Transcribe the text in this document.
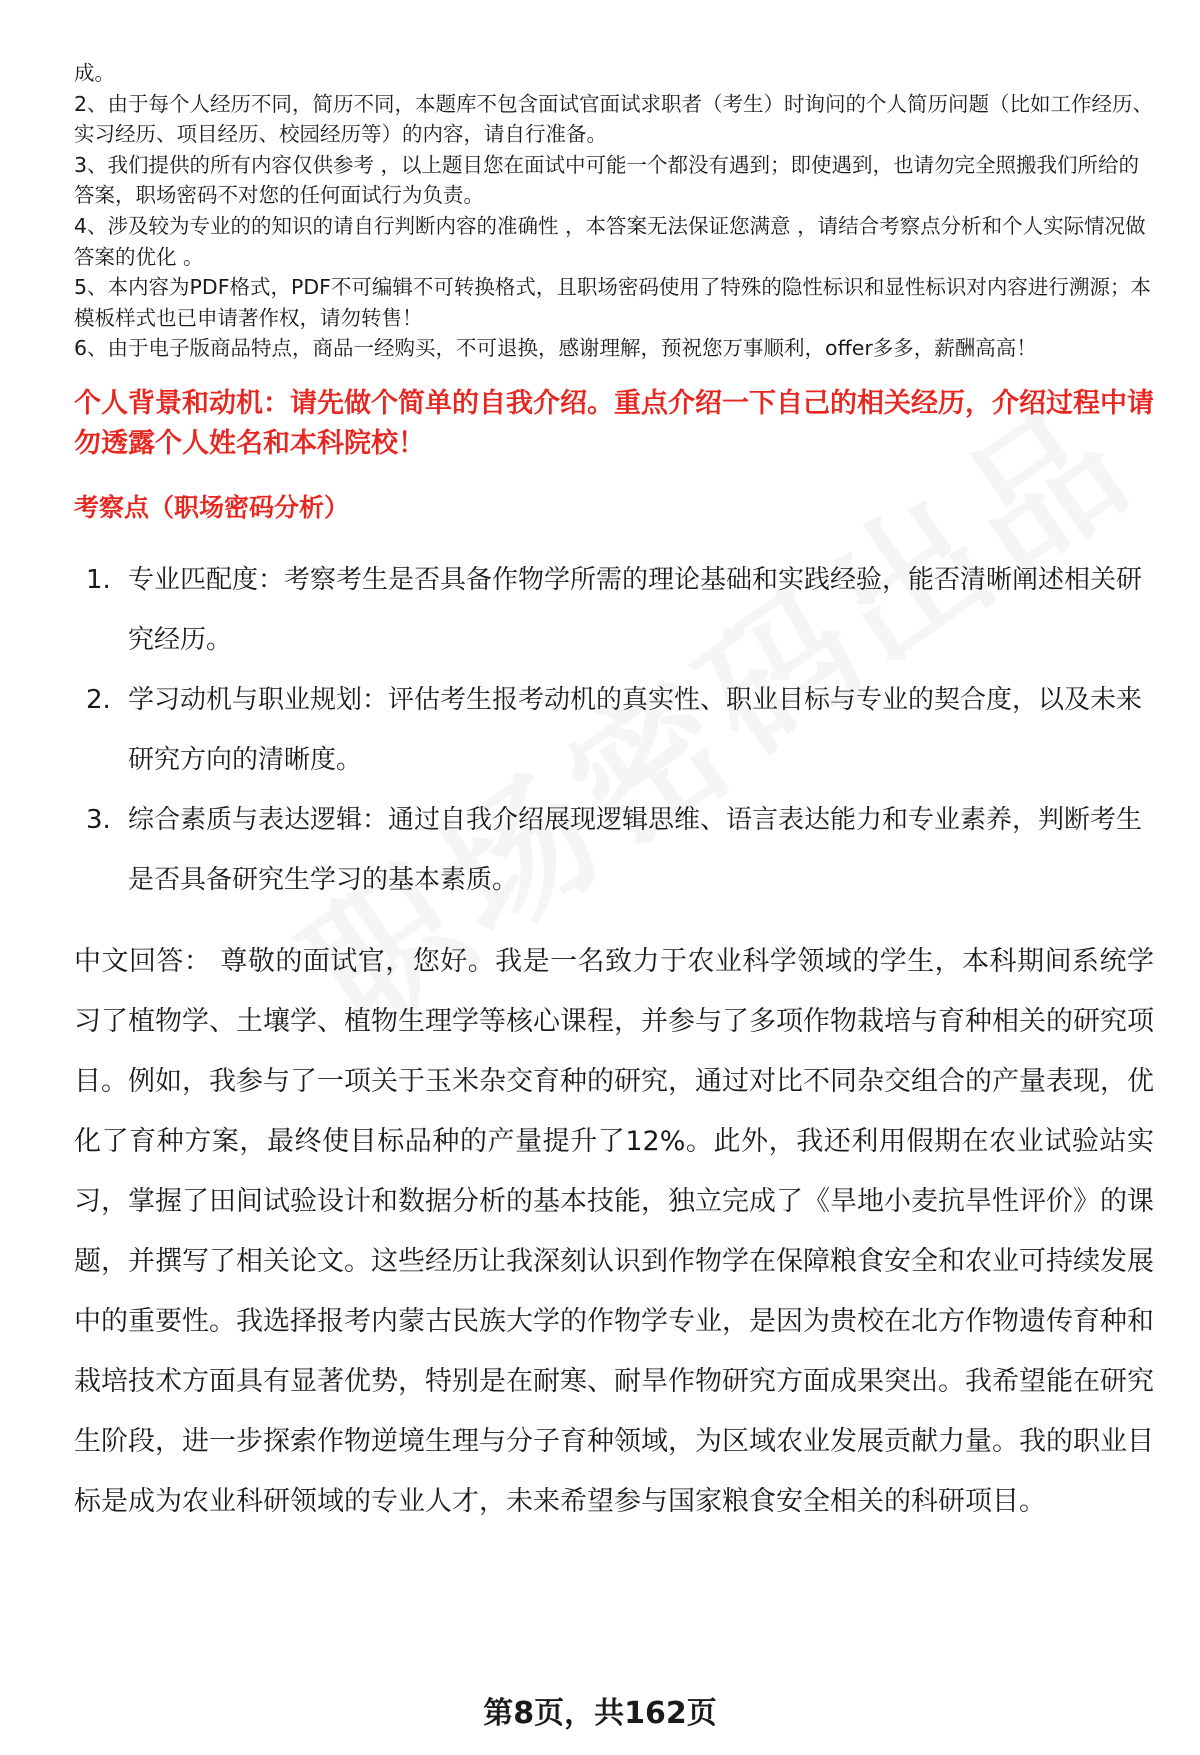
成。

2、由于每个人经历不同，简历不同，本题库不包含面试官面试求职者（考生）时询问的个人简历问题（比如工作经历、实习经历、项目经历、校园经历等）的内容，请自行准备。

3、我们提供的所有内容仅供参考 ，以上题目您在面试中可能一个都没有遇到；即使遇到，也请勿完全照搬我们所给的答案，职场密码不对您的任何面试行为负责。

4、涉及较为专业的的知识的请自行判断内容的准确性 ，本答案无法保证您满意 ，请结合考察点分析和个人实际情况做答案的优化 。

5、本内容为PDF格式，PDF不可编辑不可转换格式，且职场密码使用了特殊的隐性标识和显性标识对内容进行溯源；本模板样式也已申请著作权，请勿转售！

6、由于电子版商品特点，商品一经购买，不可退换，感谢理解，预祝您万事顺利，offer多多，薪酬高高！

个人背景和动机：请先做个简单的自我介绍。重点介绍一下自己的相关经历，介绍过程中请勿透露个人姓名和本科院校！
考察点（职场密码分析）
1. 专业匹配度：考察考生是否具备作物学所需的理论基础和实践经验，能否清晰阐述相关研究经历。
2. 学习动机与职业规划：评估考生报考动机的真实性、职业目标与专业的契合度，以及未来研究方向的清晰度。
3. 综合素质与表达逻辑：通过自我介绍展现逻辑思维、语言表达能力和专业素养，判断考生是否具备研究生学习的基本素质。
中文回答： 尊敬的面试官，您好。我是一名致力于农业科学领域的学生，本科期间系统学习了植物学、土壤学、植物生理学等核心课程，并参与了多项作物栽培与育种相关的研究项目。例如，我参与了一项关于玉米杂交育种的研究，通过对比不同杂交组合的产量表现，优化了育种方案，最终使目标品种的产量提升了12%。此外，我还利用假期在农业试验站实习，掌握了田间试验设计和数据分析的基本技能，独立完成了《旱地小麦抗旱性评价》的课题，并撰写了相关论文。这些经历让我深刻认识到作物学在保障粮食安全和农业可持续发展中的重要性。我选择报考内蒙古民族大学的作物学专业，是因为贵校在北方作物遗传育种和栽培技术方面具有显著优势，特别是在耐寒、耐旱作物研究方面成果突出。我希望能在研究生阶段，进一步探索作物逆境生理与分子育种领域，为区域农业发展贡献力量。我的职业目标是成为农业科研领域的专业人才，未来希望参与国家粮食安全相关的科研项目。
第8页，共162页
